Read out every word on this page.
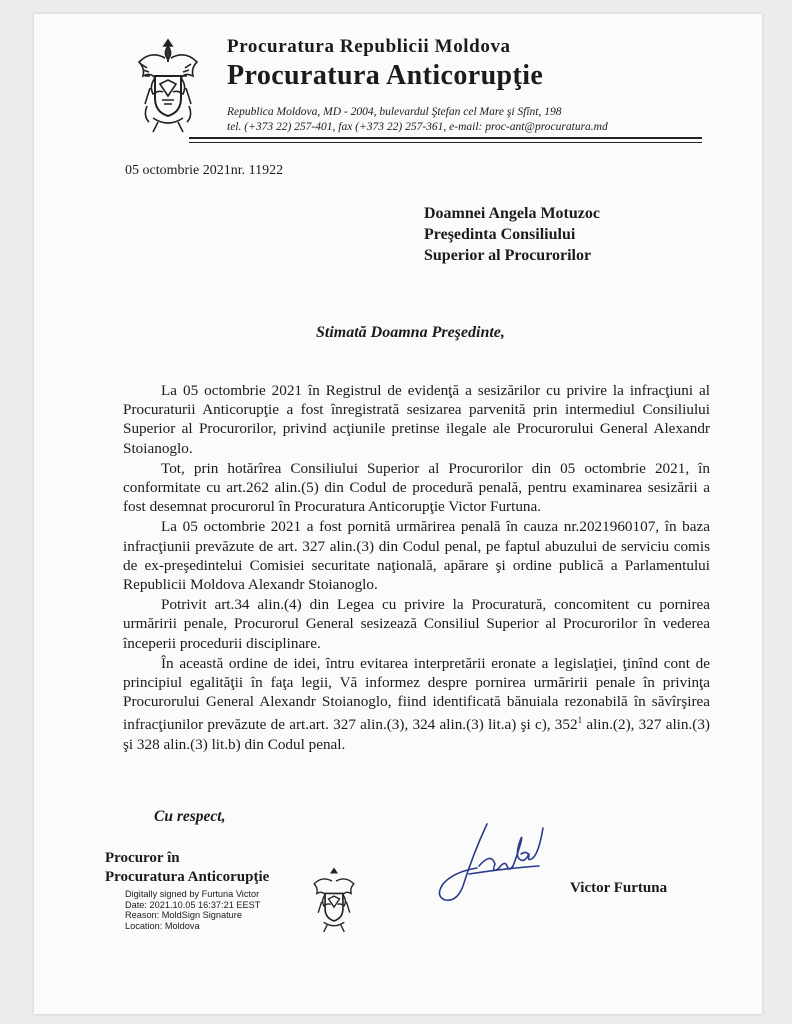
Procuratura Republicii Moldova
Procuratura Anticorupţie
Republica Moldova, MD - 2004, bulevardul Ştefan cel Mare şi Sfînt, 198
tel. (+373 22) 257-401, fax (+373 22) 257-361, e-mail: proc-ant@procuratura.md
05 octombrie 2021nr. 11922
Doamnei Angela Motuzoc
Preşedinta Consiliului
Superior al Procurorilor
Stimată Doamna Preşedinte,

La 05 octombrie 2021 în Registrul de evidenţă a sesizărilor cu privire la infracţiuni al Procuraturii Anticorupţie a fost înregistrată sesizarea parvenită prin intermediul Consiliului Superior al Procurorilor, privind acţiunile pretinse ilegale ale Procurorului General Alexandr Stoianoglo.

Tot, prin hotărîrea Consiliului Superior al Procurorilor din 05 octombrie 2021, în conformitate cu art.262 alin.(5) din Codul de procedură penală, pentru examinarea sesizării a fost desemnat procurorul în Procuratura Anticorupţie Victor Furtuna.

La 05 octombrie 2021 a fost pornită urmărirea penală în cauza nr.2021960107, în baza infracţiunii prevăzute de art. 327 alin.(3) din Codul penal, pe faptul abuzului de serviciu comis de ex-preşedintelui Comisiei securitate naţională, apărare şi ordine publică a Parlamentului Republicii Moldova Alexandr Stoianoglo.

Potrivit art.34 alin.(4) din Legea cu privire la Procuratură, concomitent cu pornirea urmăririi penale, Procurorul General sesizează Consiliul Superior al Procurorilor în vederea începerii procedurii disciplinare.

În această ordine de idei, întru evitarea interpretării eronate a legislaţiei, ţinînd cont de principiul egalităţii în faţa legii, Vă informez despre pornirea urmăririi penale în privinţa Procurorului General Alexandr Stoianoglo, fiind identificată bănuiala rezonabilă în săvîrşirea infracţiunilor prevăzute de art.art. 327 alin.(3), 324 alin.(3) lit.a) şi c), $352^1$ alin.(2), 327 alin.(3) şi 328 alin.(3) lit.b) din Codul penal.

Cu respect,
Procuror în
Procuratura Anticorupţie
Digitally signed by Furtuna Victor
Date: 2021.10.05 16:37:21 EEST
Reason: MoldSign Signature
Location: Moldova
Victor Furtuna
